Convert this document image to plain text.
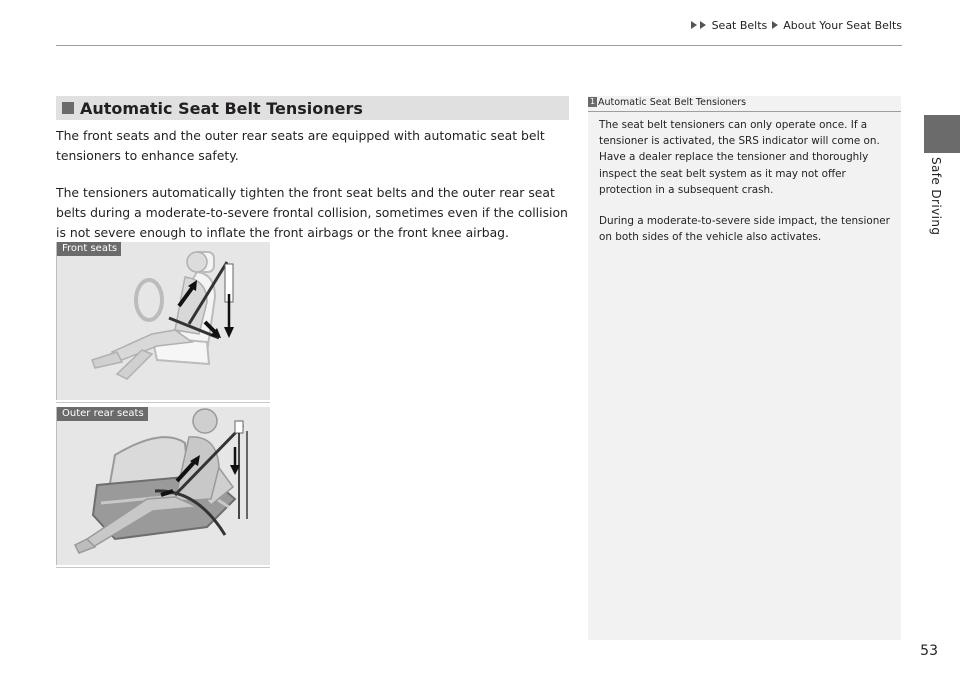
Seat Belts About Your Seat Belts
Safe Driving
Automatic Seat Belt Tensioners
The front seats and the outer rear seats are equipped with automatic seat belt tensioners to enhance safety.
The tensioners automatically tighten the front seat belts and the outer rear seat belts during a moderate-to-severe frontal collision, sometimes even if the collision is not severe enough to inflate the front airbags or the front knee airbag.
Front seats
Outer rear seats
1 Automatic Seat Belt Tensioners
The seat belt tensioners can only operate once. If a tensioner is activated, the SRS indicator will come on. Have a dealer replace the tensioner and thoroughly inspect the seat belt system as it may not offer protection in a subsequent crash.
During a moderate-to-severe side impact, the tensioner on both sides of the vehicle also activates.
53
